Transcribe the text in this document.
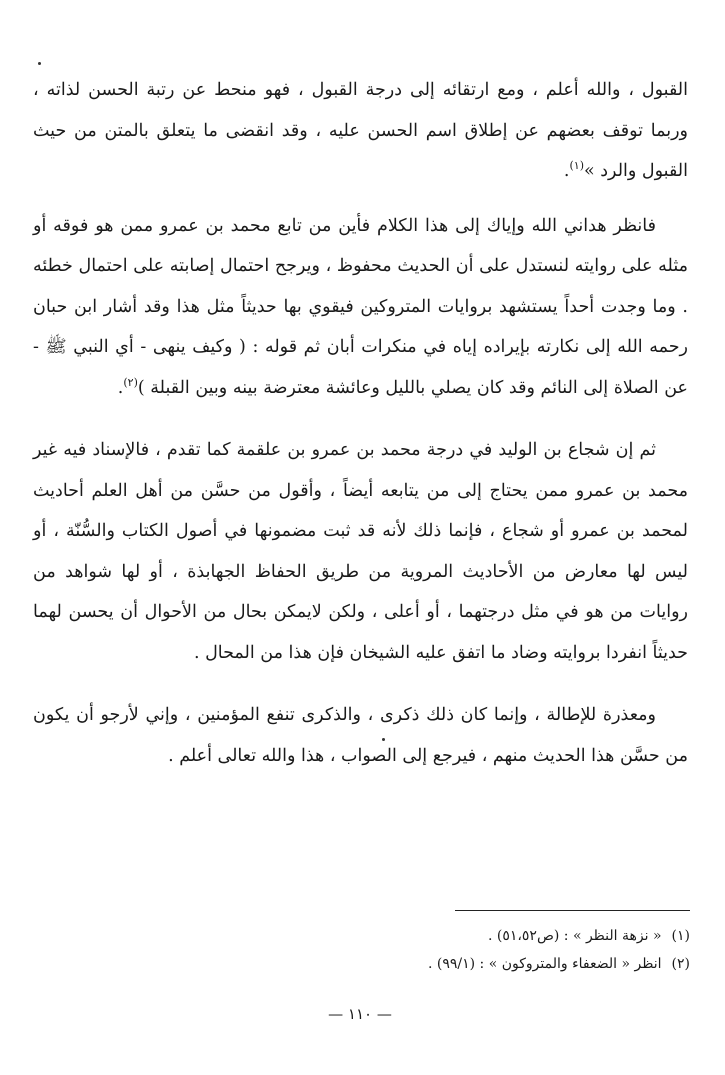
القبول ، والله أعلم ، ومع ارتقائه إلى درجة القبول ، فهو منحط عن رتبة الحسن لذاته ، وربما توقف بعضهم عن إطلاق اسم الحسن عليه ، وقد انقضى ما يتعلق بالمتن من حيث القبول والرد »$^{(١)}$.

فانظر هداني الله وإياك إلى هذا الكلام فأين من تابع محمد بن عمرو ممن هو فوقه أو مثله على روايته لنستدل على أن الحديث محفوظ ، ويرجح احتمال إصابته على احتمال خطئه . وما وجدت أحداً يستشهد بروايات المتروكين فيقوي بها حديثاً مثل هذا وقد أشار ابن حبان رحمه الله إلى نكارته بإيراده إياه في منكرات أبان ثم قوله : ( وكيف ينهى - أي النبي ﷺ - عن الصلاة إلى النائم وقد كان يصلي بالليل وعائشة معترضة بينه وبين القبلة )$^{(٢)}$.

ثم إن شجاع بن الوليد في درجة محمد بن عمرو بن علقمة كما تقدم ، فالإسناد فيه غير محمد بن عمرو ممن يحتاج إلى من يتابعه أيضاً ، وأقول من حسَّن من أهل العلم أحاديث لمحمد بن عمرو أو شجاع ، فإنما ذلك لأنه قد ثبت مضمونها في أصول الكتاب والسُّنّة ، أو ليس لها معارض من الأحاديث المروية من طريق الحفاظ الجهابذة ، أو لها شواهد من روايات من هو في مثل درجتهما ، أو أعلى ، ولكن لايمكن بحال من الأحوال أن يحسن لهما حديثاً انفردا بروايته وضاد ما اتفق عليه الشيخان فإن هذا من المحال .

ومعذرة للإطالة ، وإنما كان ذلك ذكرى ، والذكرى تنفع المؤمنين ، وإني لأرجو أن يكون من حسَّن هذا الحديث منهم ، فيرجع إلى الصواب ، هذا والله تعالى أعلم .

(١)« نزهة النظر » : (ص٥١،٥٢) .
(٢)انظر « الضعفاء والمتروكون » : (٩٩/١) .
— ١١٠ —
